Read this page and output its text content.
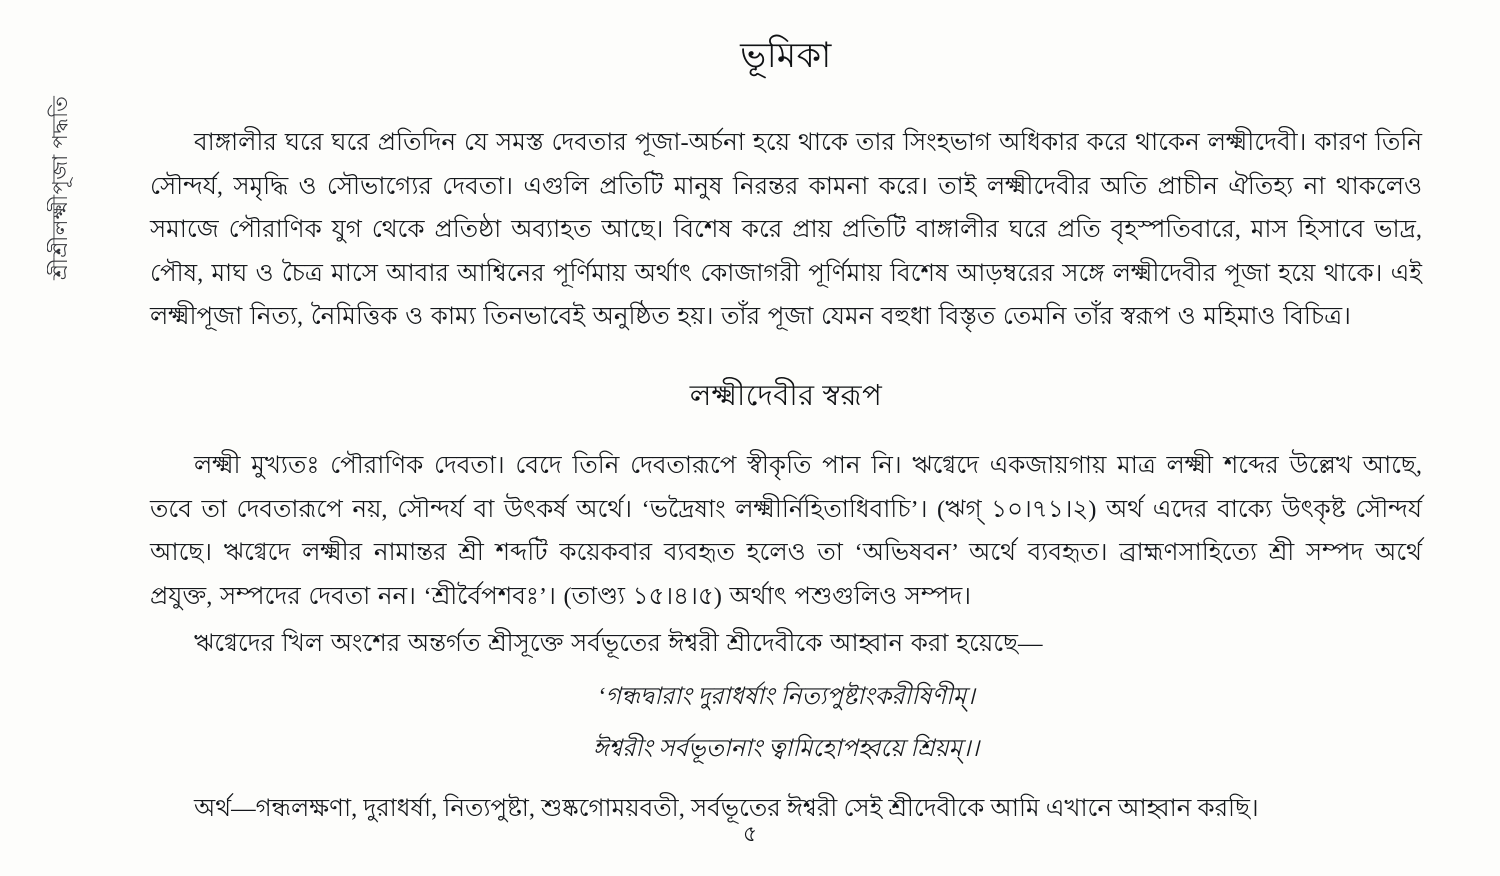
শ্রীশ্রীলক্ষ্মীপূজা পদ্ধতি
ভূমিকা

বাঙ্গালীর ঘরে ঘরে প্রতিদিন যে সমস্ত দেবতার পূজা-অর্চনা হয়ে থাকে তার সিংহভাগ অধিকার করে থাকেন লক্ষ্মীদেবী। কারণ তিনি সৌন্দর্য, সমৃদ্ধি ও সৌভাগ্যের দেবতা। এগুলি প্রতিটি মানুষ নিরন্তর কামনা করে। তাই লক্ষ্মীদেবীর অতি প্রাচীন ঐতিহ্য না থাকলেও সমাজে পৌরাণিক যুগ থেকে প্রতিষ্ঠা অব্যাহত আছে। বিশেষ করে প্রায় প্রতিটি বাঙ্গালীর ঘরে প্রতি বৃহস্পতিবারে, মাস হিসাবে ভাদ্র, পৌষ, মাঘ ও চৈত্র মাসে আবার আশ্বিনের পূর্ণিমায় অর্থাৎ কোজাগরী পূর্ণিমায় বিশেষ আড়ম্বরের সঙ্গে লক্ষ্মীদেবীর পূজা হয়ে থাকে। এই লক্ষ্মীপূজা নিত্য, নৈমিত্তিক ও কাম্য তিনভাবেই অনুষ্ঠিত হয়। তাঁর পূজা যেমন বহুধা বিস্তৃত তেমনি তাঁর স্বরূপ ও মহিমাও বিচিত্র।

লক্ষ্মীদেবীর স্বরূপ

লক্ষ্মী মুখ্যতঃ পৌরাণিক দেবতা। বেদে তিনি দেবতারূপে স্বীকৃতি পান নি। ঋগ্বেদে একজায়গায় মাত্র লক্ষ্মী শব্দের উল্লেখ আছে, তবে তা দেবতারূপে নয়, সৌন্দর্য বা উৎকর্ষ অর্থে। ‘ভদ্রৈষাং লক্ষ্মীর্নিহিতাধিবাচি’। (ঋগ্‌ ১০।৭১।২) অর্থ এদের বাক্যে উৎকৃষ্ট সৌন্দর্য আছে। ঋগ্বেদে লক্ষ্মীর নামান্তর শ্রী শব্দটি কয়েকবার ব্যবহৃত হলেও তা ‘অভিষবন’ অর্থে ব্যবহৃত। ব্রাহ্মণসাহিত্যে শ্রী সম্পদ অর্থে প্রযুক্ত, সম্পদের দেবতা নন। ‘শ্রীর্বৈপশবঃ’। (তাণ্ড্য ১৫।৪।৫) অর্থাৎ পশুগুলিও সম্পদ।

ঋগ্বেদের খিল অংশের অন্তর্গত শ্রীসূক্তে সর্বভূতের ঈশ্বরী শ্রীদেবীকে আহ্বান করা হয়েছে—

‘গন্ধদ্বারাং দুরাধর্ষাং নিত্যপুষ্টাংকরীষিণীম্‌।

ঈশ্বরীং সর্বভূতানাং ত্বামিহোপহ্বয়ে শ্রিয়ম্‌।।

অর্থ—গন্ধলক্ষণা, দুরাধর্ষা, নিত্যপুষ্টা, শুষ্কগোময়বতী, সর্বভূতের ঈশ্বরী সেই শ্রীদেবীকে আমি এখানে আহ্বান করছি।

৫
